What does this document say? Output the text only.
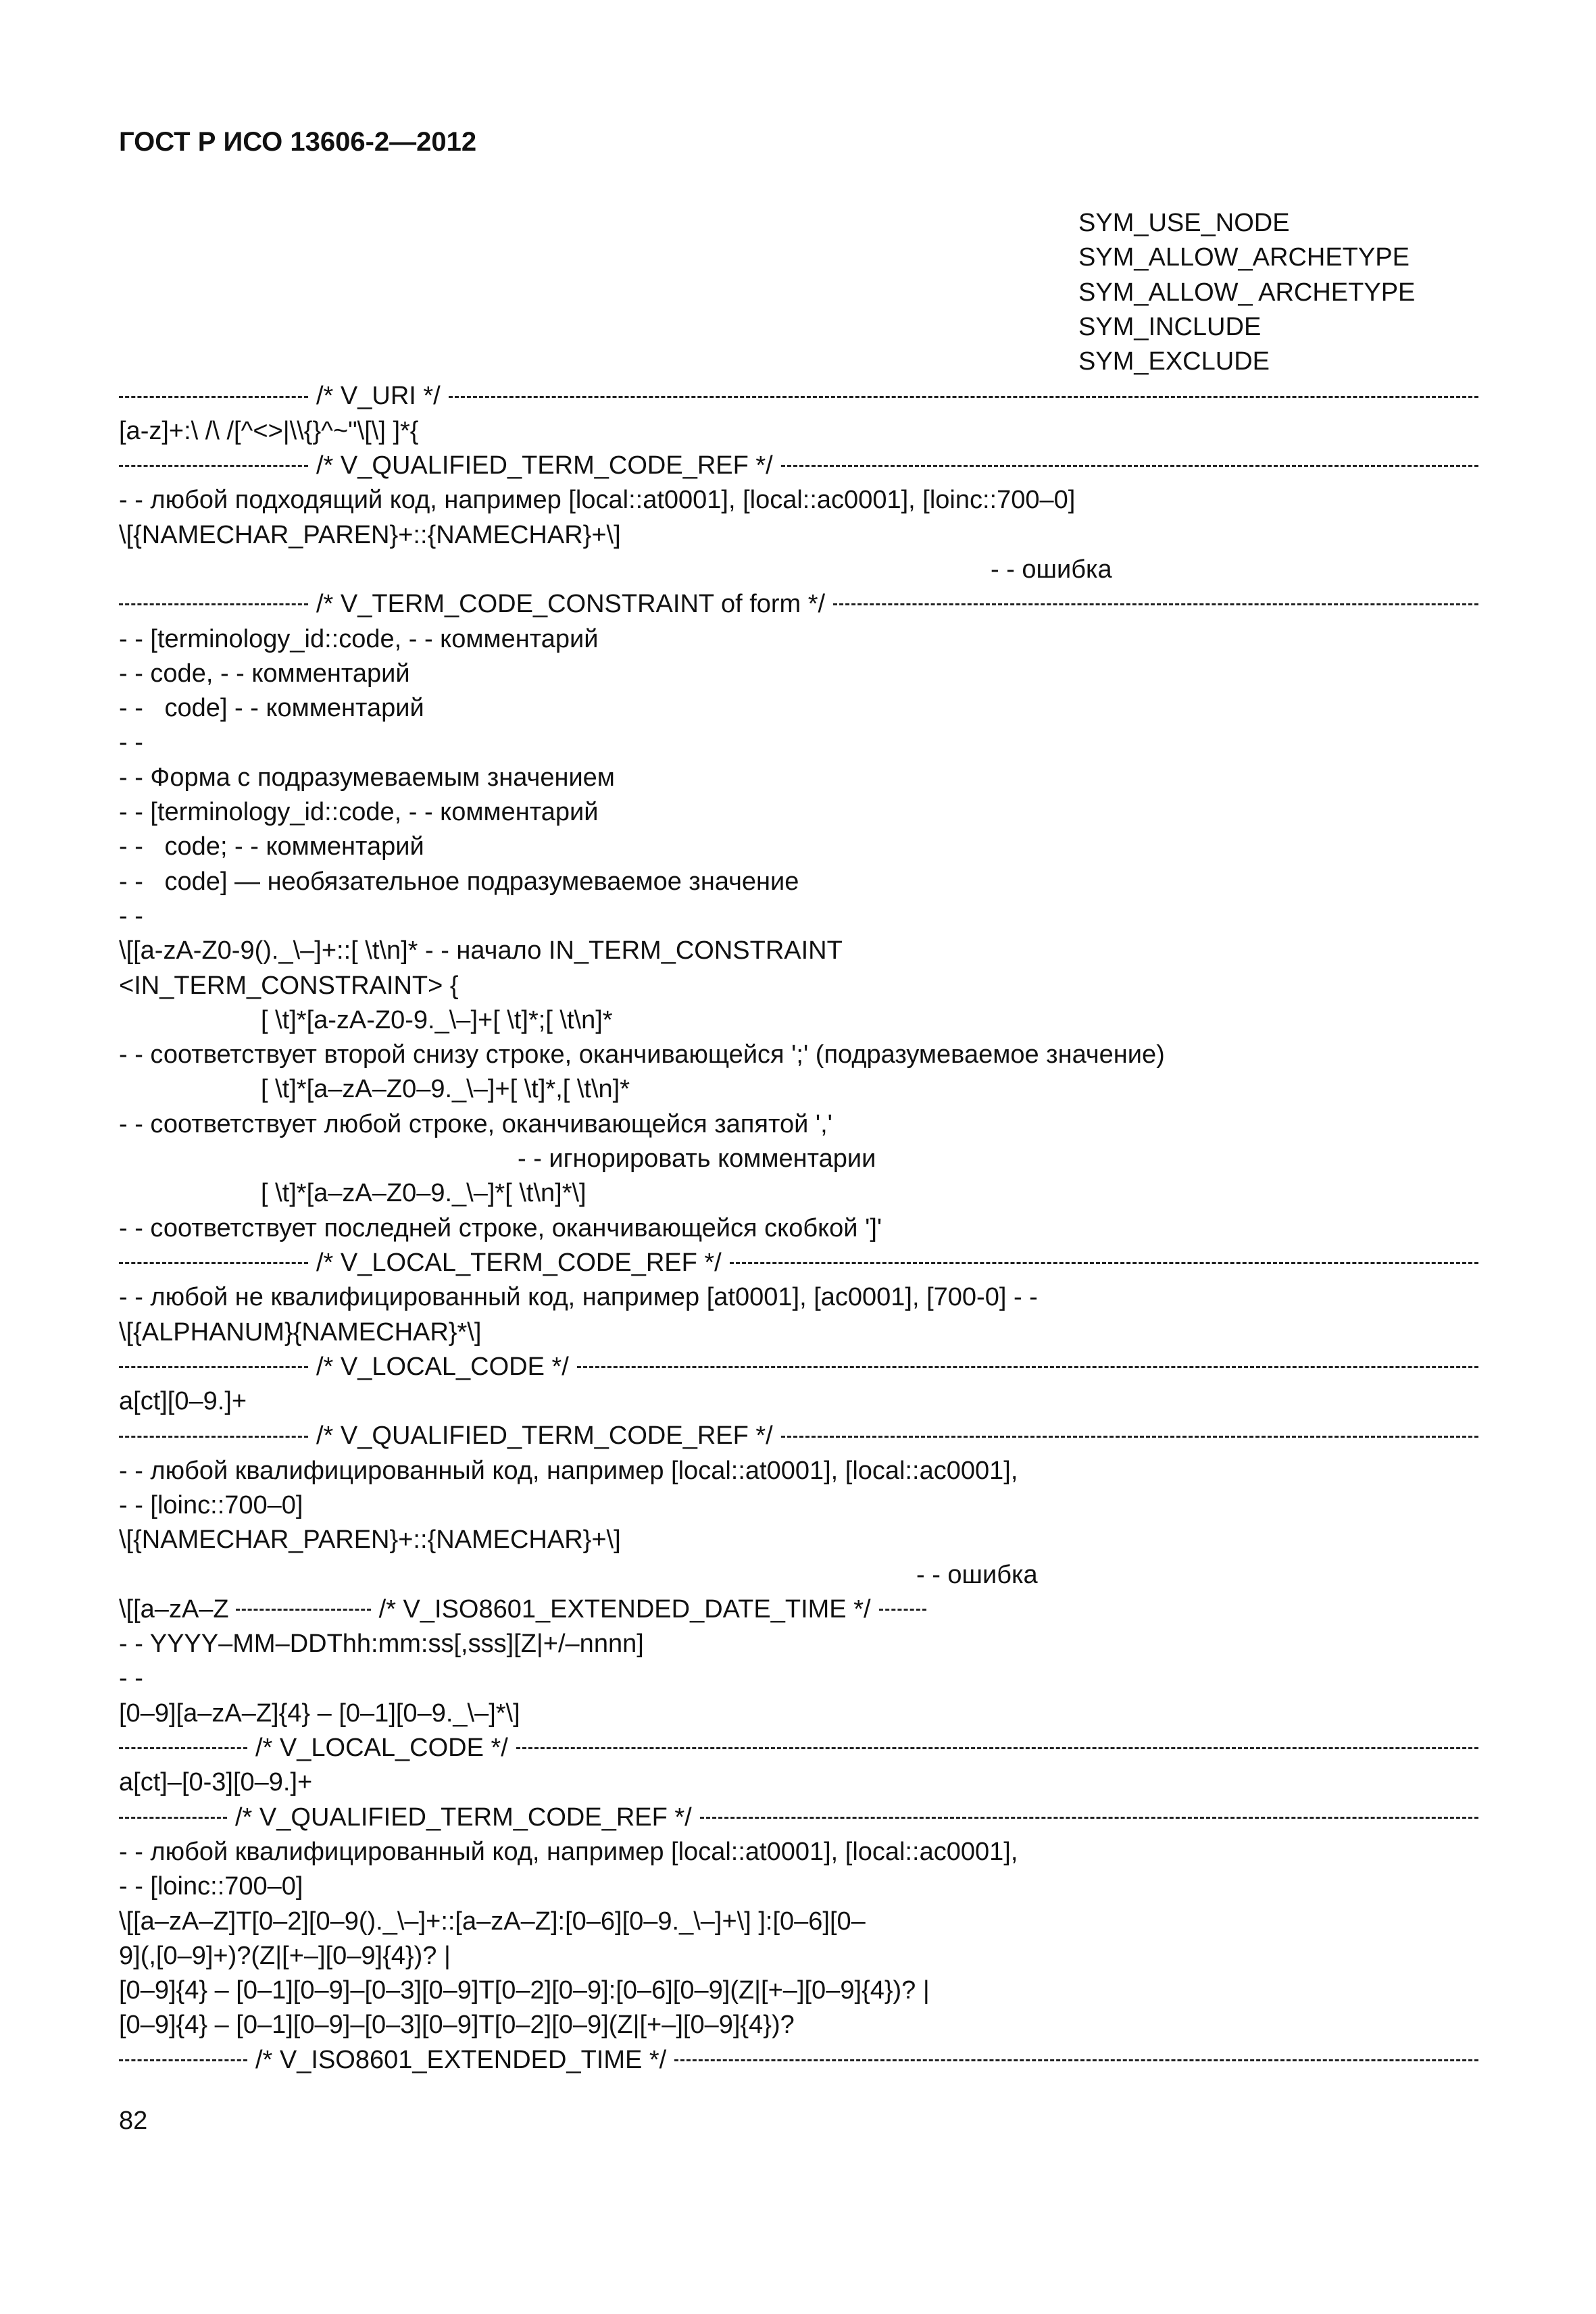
ГОСТ Р ИСО 13606-2—2012

SYM_USE_NODE

SYM_ALLOW_ARCHETYPE

SYM_ALLOW_ ARCHETYPE

SYM_INCLUDE

SYM_EXCLUDE

/* V_URI */
[a-z]+:\ /\ /[^<>|\\{}^~"\[\] ]*{
/* V_QUALIFIED_TERM_CODE_REF */
- - любой подходящий код, например [local::at0001], [local::ac0001], [loinc::700–0]
\[{NAMECHAR_PAREN}+::{NAMECHAR}+\]

- - ошибка

/* V_TERM_CODE_CONSTRAINT of form */
- - [terminology_id::code, - - комментарий
- - code, - - комментарий
- -   code] - - комментарий
- -
- - Форма с подразумеваемым значением
- - [terminology_id::code, - - комментарий
- -   code; - - комментарий
- -   code] — необязательное подразумеваемое значение
- -
\[[a-zA-Z0-9()._\–]+::[ \t\n]* - - начало IN_TERM_CONSTRAINT
<IN_TERM_CONSTRAINT> {
[ \t]*[a-zA-Z0-9._\–]+[ \t]*;[ \t\n]*
- - соответствует второй снизу строке, оканчивающейся ';' (подразумеваемое значение)
[ \t]*[a–zA–Z0–9._\–]+[ \t]*,[ \t\n]*
- - соответствует любой строке, оканчивающейся запятой ','

- - игнорировать комментарии

[ \t]*[a–zA–Z0–9._\–]*[ \t\n]*\]
- - соответствует последней строке, оканчивающейся скобкой ']'
/* V_LOCAL_TERM_CODE_REF */
- - любой не квалифицированный код, например [at0001], [ac0001], [700-0] - -
\[{ALPHANUM}{NAMECHAR}*\]
/* V_LOCAL_CODE */
a[ct][0–9.]+
/* V_QUALIFIED_TERM_CODE_REF */
- - любой квалифицированный код, например [local::at0001], [local::ac0001],
- - [loinc::700–0]
\[{NAMECHAR_PAREN}+::{NAMECHAR}+\]

- - ошибка

\[[a–zA–Z	/* V_ISO8601_EXTENDED_DATE_TIME */
- - YYYY–MM–DDThh:mm:ss[,sss][Z|+/–nnnn]
- -
[0–9][a–zA–Z]{4} – [0–1][0–9._\–]*\]
/* V_LOCAL_CODE */
a[ct]–[0-3][0–9.]+
/* V_QUALIFIED_TERM_CODE_REF */
- - любой квалифицированный код, например [local::at0001], [local::ac0001],
- - [loinc::700–0]
\[[a–zA–Z]T[0–2][0–9()._\–]+::[a–zA–Z]:[0–6][0–9._\–]+\] ]:[0–6][0–
9](,[0–9]+)?(Z|[+–][0–9]{4})? |
[0–9]{4} – [0–1][0–9]–[0–3][0–9]T[0–2][0–9]:[0–6][0–9](Z|[+–][0–9]{4})? |
[0–9]{4} – [0–1][0–9]–[0–3][0–9]T[0–2][0–9](Z|[+–][0–9]{4})?
/* V_ISO8601_EXTENDED_TIME */
82
